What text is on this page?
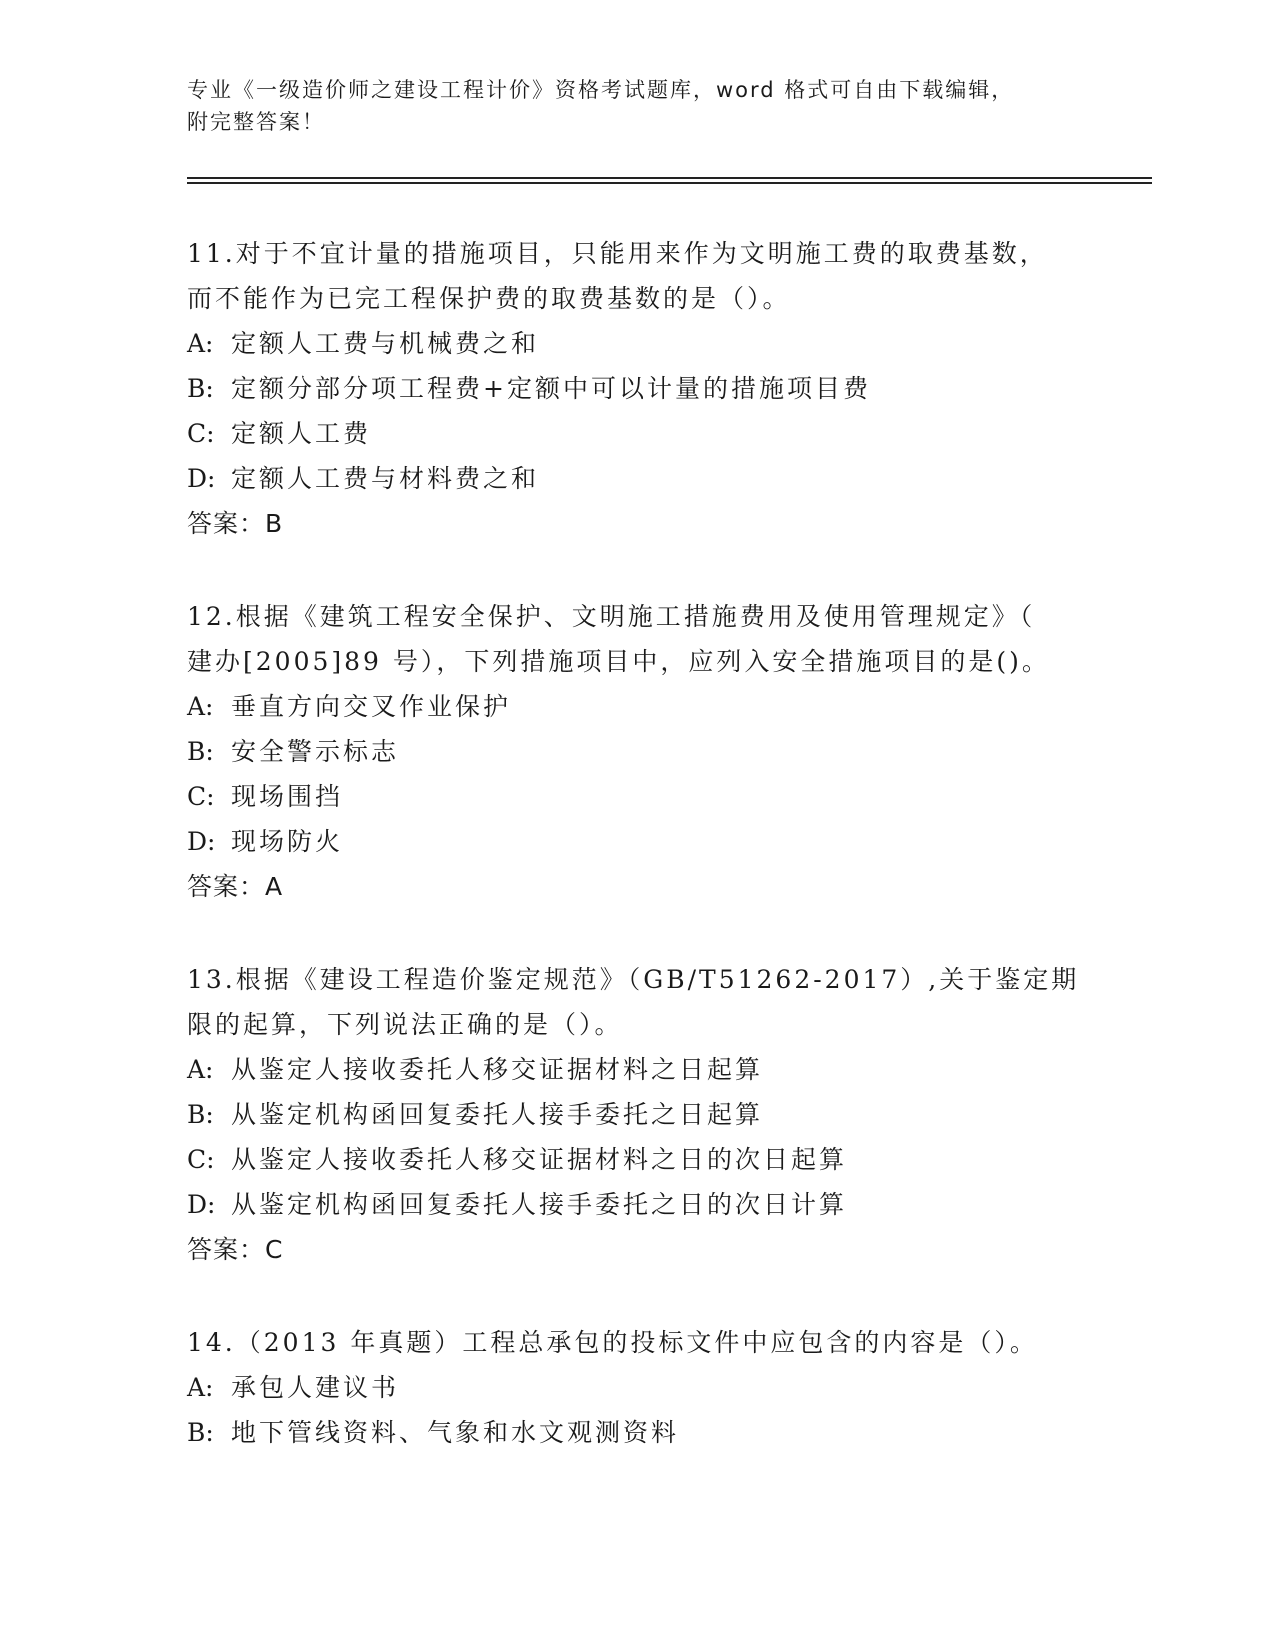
专业《一级造价师之建设工程计价》资格考试题库，word 格式可自由下载编辑，
附完整答案！

11.对于不宜计量的措施项目，只能用来作为文明施工费的取费基数，

而不能作为已完工程保护费的取费基数的是（）。

A: 定额人工费与机械费之和

B: 定额分部分项工程费+定额中可以计量的措施项目费

C: 定额人工费

D: 定额人工费与材料费之和

答案：B

12.根据《建筑工程安全保护、文明施工措施费用及使用管理规定》（

建办[2005]89 号），下列措施项目中，应列入安全措施项目的是()。

A: 垂直方向交叉作业保护

B: 安全警示标志

C: 现场围挡

D: 现场防火

答案：A

13.根据《建设工程造价鉴定规范》（GB/T51262-2017）,关于鉴定期

限的起算，下列说法正确的是（）。

A: 从鉴定人接收委托人移交证据材料之日起算

B: 从鉴定机构函回复委托人接手委托之日起算

C: 从鉴定人接收委托人移交证据材料之日的次日起算

D: 从鉴定机构函回复委托人接手委托之日的次日计算

答案：C

14.（2013 年真题）工程总承包的投标文件中应包含的内容是（）。

A: 承包人建议书

B: 地下管线资料、气象和水文观测资料
